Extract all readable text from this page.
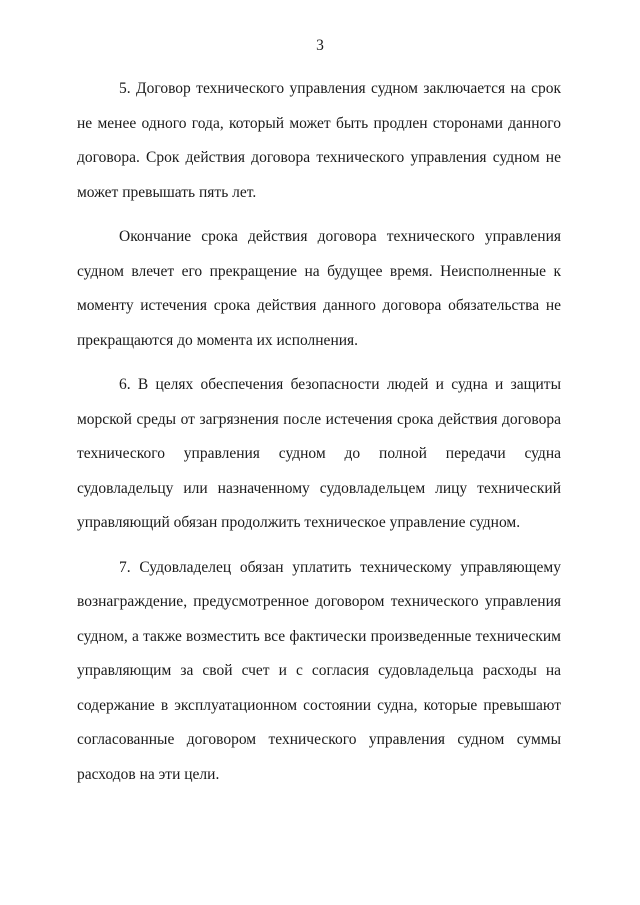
3

5. Договор технического управления судном заключается на срок не менее одного года, который может быть продлен сторонами данного договора. Срок действия договора технического управления судном не может превышать пять лет.

Окончание срока действия договора технического управления судном влечет его прекращение на будущее время. Неисполненные к моменту истечения срока действия данного договора обязательства не прекращаются до момента их исполнения.

6. В целях обеспечения безопасности людей и судна и защиты морской среды от загрязнения после истечения срока действия договора технического управления судном до полной передачи судна судовладельцу или назначенному судовладельцем лицу технический управляющий обязан продолжить техническое управление судном.

7. Судовладелец обязан уплатить техническому управляющему вознаграждение, предусмотренное договором технического управления судном, а также возместить все фактически произведенные техническим управляющим за свой счет и с согласия судовладельца расходы на содержание в эксплуатационном состоянии судна, которые превышают согласованные договором технического управления судном суммы расходов на эти цели.
